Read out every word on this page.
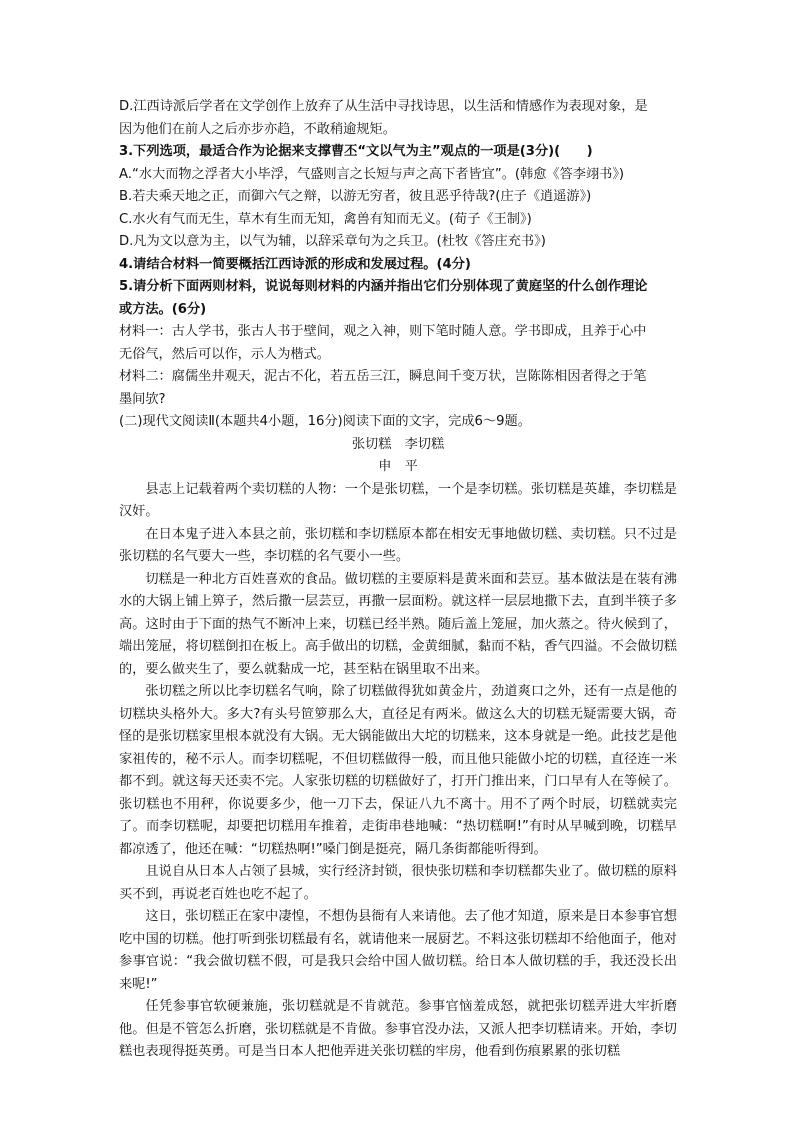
D.江西诗派后学者在文学创作上放弃了从生活中寻找诗思，以生活和情感作为表现对象，是

因为他们在前人之后亦步亦趋，不敢稍逾规矩。

3.下列选项，最适合作为论据来支撑曹丕“文以气为主”观点的一项是(3分)(　　)

A.“水大而物之浮者大小毕浮，气盛则言之长短与声之高下者皆宜”。(韩愈《答李翊书》)

B.若夫乘天地之正，而御六气之辩，以游无穷者，彼且恶乎待哉?(庄子《逍遥游》)

C.水火有气而无生，草木有生而无知，禽兽有知而无义。(荀子《王制》)

D.凡为文以意为主，以气为辅，以辞采章句为之兵卫。(杜牧《答庄充书》)

4.请结合材料一简要概括江西诗派的形成和发展过程。(4分)

5.请分析下面两则材料，说说每则材料的内涵并指出它们分别体现了黄庭坚的什么创作理论

或方法。(6分)

材料一：古人学书，张古人书于壁间，观之入神，则下笔时随人意。学书即成，且养于心中

无俗气，然后可以作，示人为楷式。

材料二：腐儒坐井观天，泥古不化，若五岳三江，瞬息间千变万状，岂陈陈相因者得之于笔

墨间欤?

(二)现代文阅读Ⅱ(本题共4小题，16分)阅读下面的文字，完成6～9题。

张切糕　李切糕

申　平

县志上记载着两个卖切糕的人物：一个是张切糕，一个是李切糕。张切糕是英雄，李切糕是汉奸。

在日本鬼子进入本县之前，张切糕和李切糕原本都在相安无事地做切糕、卖切糕。只不过是张切糕的名气要大一些，李切糕的名气要小一些。

切糕是一种北方百姓喜欢的食品。做切糕的主要原料是黄米面和芸豆。基本做法是在装有沸水的大锅上铺上箅子，然后撒一层芸豆，再撒一层面粉。就这样一层层地撒下去，直到半筷子多高。这时由于下面的热气不断冲上来，切糕已经半熟。随后盖上笼屉，加火蒸之。待火候到了，端出笼屉，将切糕倒扣在板上。高手做出的切糕，金黄细腻，黏而不粘，香气四溢。不会做切糕的，要么做夹生了，要么就黏成一坨，甚至粘在锅里取不出来。

张切糕之所以比李切糕名气响，除了切糕做得犹如黄金片，劲道爽口之外，还有一点是他的切糕块头格外大。多大?有头号笸箩那么大，直径足有两米。做这么大的切糕无疑需要大锅，奇怪的是张切糕家里根本就没有大锅。无大锅能做出大坨的切糕来，这本身就是一绝。此技艺是他家祖传的，秘不示人。而李切糕呢，不但切糕做得一般，而且他只能做小坨的切糕，直径连一米都不到。就这每天还卖不完。人家张切糕的切糕做好了，打开门推出来，门口早有人在等候了。张切糕也不用秤，你说要多少，他一刀下去，保证八九不离十。用不了两个时辰，切糕就卖完了。而李切糕呢，却要把切糕用车推着，走街串巷地喊：“热切糕啊!”有时从早喊到晚，切糕早都凉透了，他还在喊：“切糕热啊!”嗓门倒是挺亮，隔几条街都能听得到。

且说自从日本人占领了县城，实行经济封锁，很快张切糕和李切糕都失业了。做切糕的原料买不到，再说老百姓也吃不起了。

这日，张切糕正在家中凄惶，不想伪县衙有人来请他。去了他才知道，原来是日本参事官想吃中国的切糕。他打听到张切糕最有名，就请他来一展厨艺。不料这张切糕却不给他面子，他对参事官说：“我会做切糕不假，可是我只会给中国人做切糕。给日本人做切糕的手，我还没长出来呢!”

任凭参事官软硬兼施，张切糕就是不肯就范。参事官恼羞成怒，就把张切糕弄进大牢折磨他。但是不管怎么折磨，张切糕就是不肯做。参事官没办法，又派人把李切糕请来。开始，李切糕也表现得挺英勇。可是当日本人把他弄进关张切糕的牢房，他看到伤痕累累的张切糕
